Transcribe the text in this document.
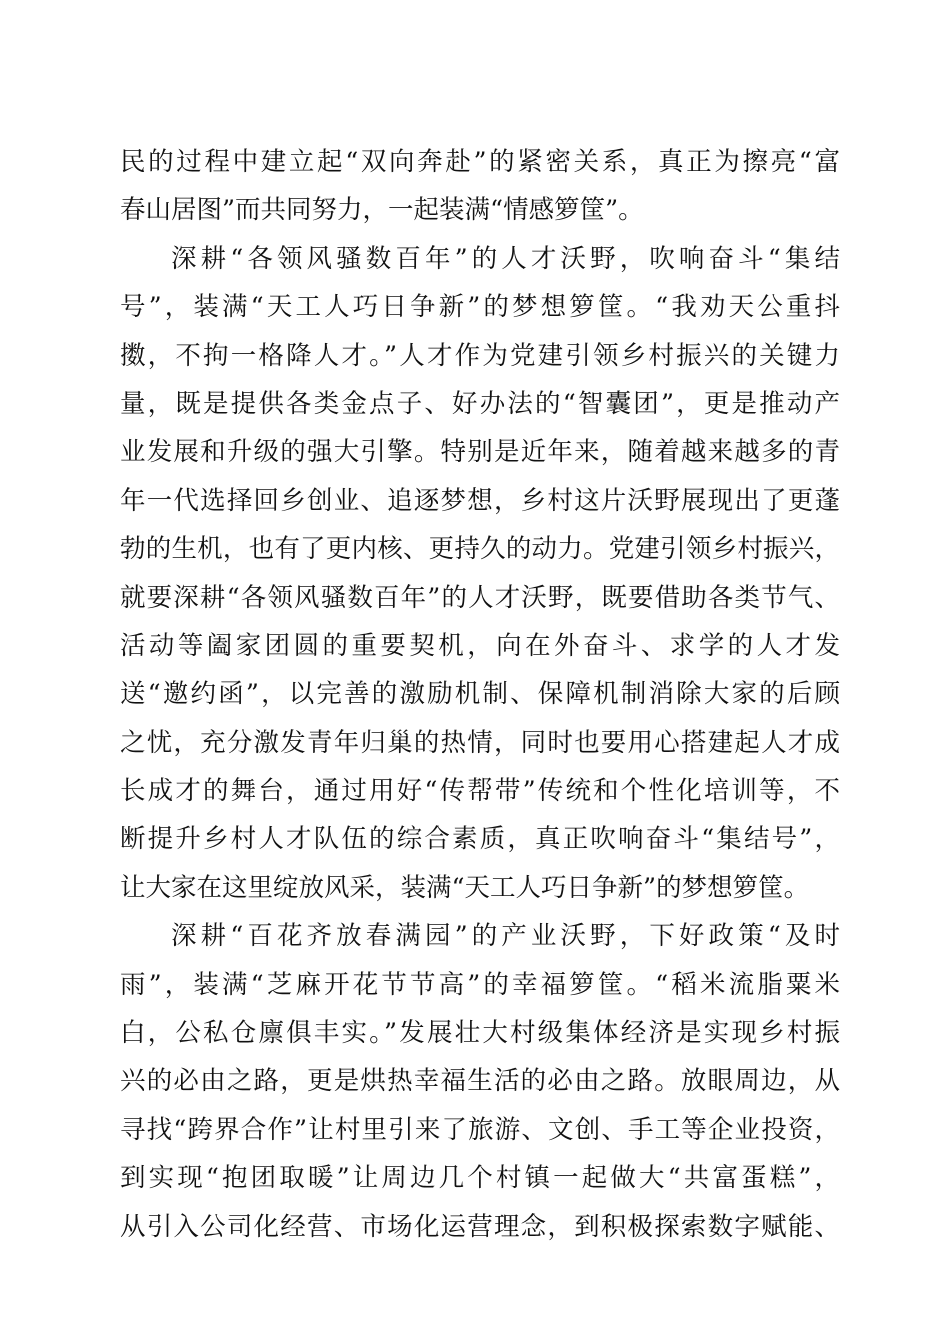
民的过程中建立起“双向奔赴”的紧密关系，真正为擦亮“富
春山居图”而共同努力，一起装满“情感箩筐”。
深耕“各领风骚数百年”的人才沃野，吹响奋斗“集结
号”，装满“天工人巧日争新”的梦想箩筐。“我劝天公重抖
擞，不拘一格降人才。”人才作为党建引领乡村振兴的关键力
量，既是提供各类金点子、好办法的“智囊团”，更是推动产
业发展和升级的强大引擎。特别是近年来，随着越来越多的青
年一代选择回乡创业、追逐梦想，乡村这片沃野展现出了更蓬
勃的生机，也有了更内核、更持久的动力。党建引领乡村振兴，
就要深耕“各领风骚数百年”的人才沃野，既要借助各类节气、
活动等阖家团圆的重要契机，向在外奋斗、求学的人才发
送“邀约函”，以完善的激励机制、保障机制消除大家的后顾
之忧，充分激发青年归巢的热情，同时也要用心搭建起人才成
长成才的舞台，通过用好“传帮带”传统和个性化培训等，不
断提升乡村人才队伍的综合素质，真正吹响奋斗“集结号”，
让大家在这里绽放风采，装满“天工人巧日争新”的梦想箩筐。
深耕“百花齐放春满园”的产业沃野，下好政策“及时
雨”，装满“芝麻开花节节高”的幸福箩筐。“稻米流脂粟米
白，公私仓廪俱丰实。”发展壮大村级集体经济是实现乡村振
兴的必由之路，更是烘热幸福生活的必由之路。放眼周边，从
寻找“跨界合作”让村里引来了旅游、文创、手工等企业投资，
到实现“抱团取暖”让周边几个村镇一起做大“共富蛋糕”，
从引入公司化经营、市场化运营理念，到积极探索数字赋能、
